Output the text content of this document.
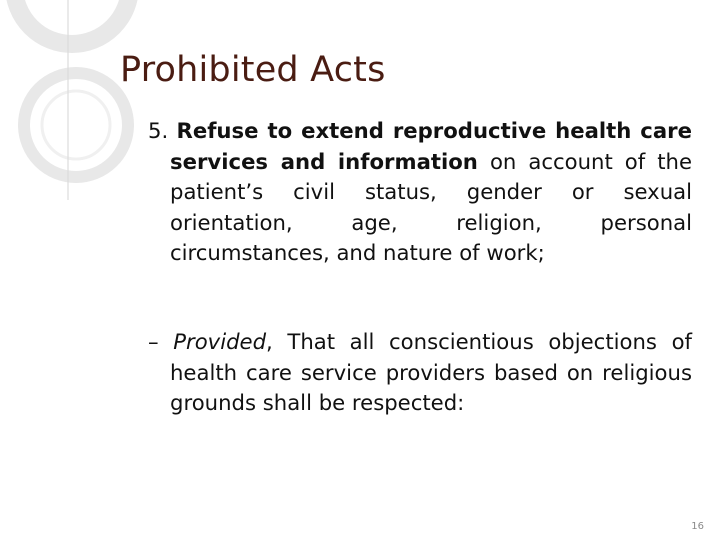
Prohibited Acts
5. Refuse to extend reproductive health care services and information on account of the patient’s civil status, gender or sexual orientation, age, religion, personal circumstances, and nature of work;
– Provided, That all conscientious objections of health care service providers based on religious grounds shall be respected:
16
